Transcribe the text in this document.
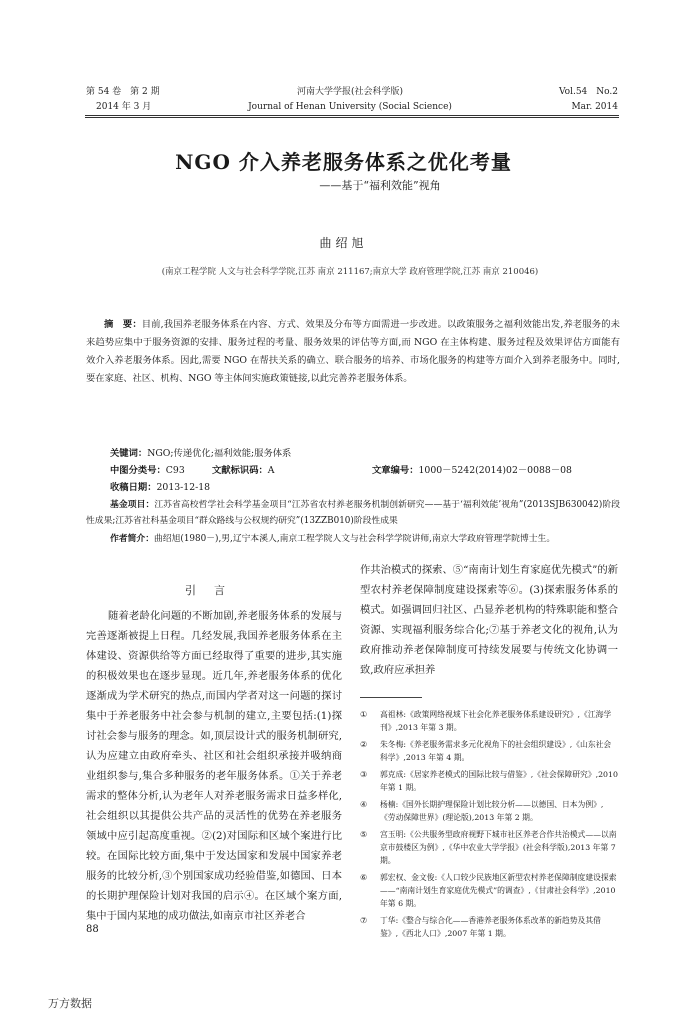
第 54 卷　第 2 期
2014 年 3 月
河南大学学报(社会科学版)
Journal of Henan University (Social Science)
Vol.54　No.2
Mar. 2014
NGO 介入养老服务体系之优化考量
——基于“福利效能”视角
曲绍旭
(南京工程学院 人文与社会科学学院,江苏 南京 211167;南京大学 政府管理学院,江苏 南京 210046)
摘　要：目前,我国养老服务体系在内容、方式、效果及分布等方面需进一步改进。以政策服务之福利效能出发,养老服务的未来趋势应集中于服务资源的安排、服务过程的考量、服务效果的评估等方面,而 NGO 在主体构建、服务过程及效果评估方面能有效介入养老服务体系。因此,需要 NGO 在帮扶关系的确立、联合服务的培养、市场化服务的构建等方面介入到养老服务中。同时,要在家庭、社区、机构、NGO 等主体间实施政策链接,以此完善养老服务体系。
关键词：NGO;传递优化;福利效能;服务体系
中图分类号：C93	文献标识码：A	文章编号：1000－5242(2014)02－0088－08
收稿日期：2013-12-18
基金项目：江苏省高校哲学社会科学基金项目“江苏省农村养老服务机制创新研究——基于‘福利效能’视角”(2013SJB630042)阶段性成果;江苏省社科基金项目“群众路线与公权规约研究”(13ZZB010)阶段性成果
作者简介：曲绍旭(1980－),男,辽宁本溪人,南京工程学院人文与社会科学学院讲师,南京大学政府管理学院博士生。
引言
随着老龄化问题的不断加剧,养老服务体系的发展与完善逐渐被提上日程。几经发展,我国养老服务体系在主体建设、资源供给等方面已经取得了重要的进步,其实施的积极效果也在逐步显现。近几年,养老服务体系的优化逐渐成为学术研究的热点,而国内学者对这一问题的探讨集中于养老服务中社会参与机制的建立,主要包括:(1)探讨社会参与服务的理念。如,顶层设计式的服务机制研究,认为应建立由政府牵头、社区和社会组织承接并吸纳商业组织参与,集合多种服务的老年服务体系。①关于养老需求的整体分析,认为老年人对养老服务需求日益多样化,社会组织以其提供公共产品的灵活性的优势在养老服务领域中应引起高度重视。②(2)对国际和区域个案进行比较。在国际比较方面,集中于发达国家和发展中国家养老服务的比较分析,③个别国家成功经验借鉴,如德国、日本的长期护理保险计划对我国的启示④。在区域个案方面,集中于国内某地的成功做法,如南京市社区养老合
作共治模式的探索、⑤“南南计划生育家庭优先模式”的新型农村养老保障制度建设探索等⑥。(3)探索服务体系的模式。如强调回归社区、凸显养老机构的特殊职能和整合资源、实现福利服务综合化;⑦基于养老文化的视角,认为政府推动养老保障制度可持续发展要与传统文化协调一致,政府应承担养
①	高祖林:《政策网络视域下社会化养老服务体系建设研究》,《江海学刊》,2013 年第 3 期。
②	朱冬梅:《养老服务需求多元化视角下的社会组织建设》,《山东社会科学》,2013 年第 4 期。
③	郭克成:《居家养老模式的国际比较与借鉴》,《社会保障研究》,2010 年第 1 期。
④	杨楠:《国外长期护理保险计划比较分析——以德国、日本为例》,《劳动保障世界》(理论版),2013 年第 2 期。
⑤	宫玉明:《公共服务型政府视野下城市社区养老合作共治模式——以南京市鼓楼区为例》,《华中农业大学学报》(社会科学版),2013 年第 7 期。
⑥	郭宏权、金文俊:《人口较少民族地区新型农村养老保障制度建设探索——“南南计划生育家庭优先模式”的调查》,《甘肃社会科学》,2010 年第 6 期。
⑦	丁华:《整合与综合化——香港养老服务体系改革的新趋势及其借鉴》,《西北人口》,2007 年第 1 期。
88
万方数据
